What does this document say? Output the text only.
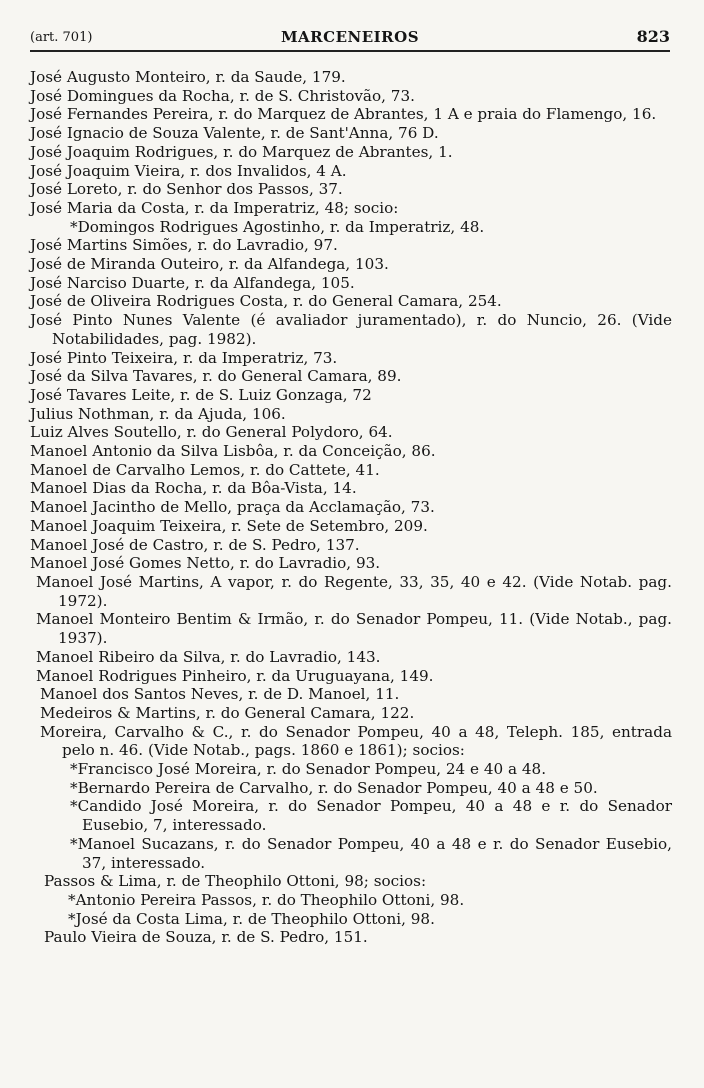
(art. 701)	MARCENEIROS	823
José Augusto Monteiro, r. da Saude, 179.
José Domingues da Rocha, r. de S. Christovão, 73.
José Fernandes Pereira, r. do Marquez de Abrantes, 1 A e praia do Flamengo, 16.
José Ignacio de Souza Valente, r. de Sant'Anna, 76 D.
José Joaquim Rodrigues, r. do Marquez de Abrantes, 1.
José Joaquim Vieira, r. dos Invalidos, 4 A.
José Loreto, r. do Senhor dos Passos, 37.
José Maria da Costa, r. da Imperatriz, 48; socio:
*Domingos Rodrigues Agostinho, r. da Imperatriz, 48.
José Martins Simões, r. do Lavradio, 97.
José de Miranda Outeiro, r. da Alfandega, 103.
José Narciso Duarte, r. da Alfandega, 105.
José de Oliveira Rodrigues Costa, r. do General Camara, 254.
José Pinto Nunes Valente (é avaliador juramentado), r. do Nuncio, 26. (Vide Notabilidades, pag. 1982).
José Pinto Teixeira, r. da Imperatriz, 73.
José da Silva Tavares, r. do General Camara, 89.
José Tavares Leite, r. de S. Luiz Gonzaga, 72
Julius Nothman, r. da Ajuda, 106.
Luiz Alves Soutello, r. do General Polydoro, 64.
Manoel Antonio da Silva Lisbôa, r. da Conceição, 86.
Manoel de Carvalho Lemos, r. do Cattete, 41.
Manoel Dias da Rocha, r. da Bôa-Vista, 14.
Manoel Jacintho de Mello, praça da Acclamação, 73.
Manoel Joaquim Teixeira, r. Sete de Setembro, 209.
Manoel José de Castro, r. de S. Pedro, 137.
Manoel José Gomes Netto, r. do Lavradio, 93.
Manoel José Martins, A vapor, r. do Regente, 33, 35, 40 e 42. (Vide Notab. pag. 1972).
Manoel Monteiro Bentim & Irmão, r. do Senador Pompeu, 11. (Vide Notab., pag. 1937).
Manoel Ribeiro da Silva, r. do Lavradio, 143.
Manoel Rodrigues Pinheiro, r. da Uruguayana, 149.
Manoel dos Santos Neves, r. de D. Manoel, 11.
Medeiros & Martins, r. do General Camara, 122.
Moreira, Carvalho & C., r. do Senador Pompeu, 40 a 48, Teleph. 185, entrada pelo n. 46. (Vide Notab., pags. 1860 e 1861); socios:
*Francisco José Moreira, r. do Senador Pompeu, 24 e 40 a 48.
*Bernardo Pereira de Carvalho, r. do Senador Pompeu, 40 a 48 e 50.
*Candido José Moreira, r. do Senador Pompeu, 40 a 48 e r. do Senador Eusebio, 7, interessado.
*Manoel Sucazans, r. do Senador Pompeu, 40 a 48 e r. do Senador Eusebio, 37, interessado.
Passos & Lima, r. de Theophilo Ottoni, 98; socios:
*Antonio Pereira Passos, r. do Theophilo Ottoni, 98.
*José da Costa Lima, r. de Theophilo Ottoni, 98.
Paulo Vieira de Souza, r. de S. Pedro, 151.
